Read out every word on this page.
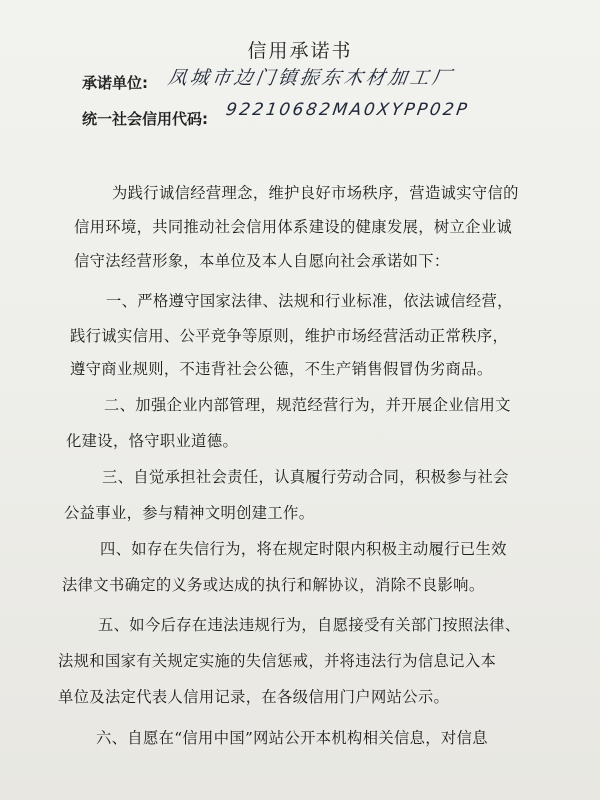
信用承诺书
承诺单位: 凤城市边门镇振东木材加工厂
统一社会信用代码: 92210682MA0XYPP02P
为践行诚信经营理念，维护良好市场秩序，营造诚实守信的
信用环境，共同推动社会信用体系建设的健康发展，树立企业诚
信守法经营形象，本单位及本人自愿向社会承诺如下：
一、严格遵守国家法律、法规和行业标准，依法诚信经营，
践行诚实信用、公平竞争等原则，维护市场经营活动正常秩序，
遵守商业规则，不违背社会公德，不生产销售假冒伪劣商品。
二、加强企业内部管理，规范经营行为，并开展企业信用文
化建设，恪守职业道德。
三、自觉承担社会责任，认真履行劳动合同，积极参与社会
公益事业，参与精神文明创建工作。
四、如存在失信行为，将在规定时限内积极主动履行已生效
法律文书确定的义务或达成的执行和解协议，消除不良影响。
五、如今后存在违法违规行为，自愿接受有关部门按照法律、
法规和国家有关规定实施的失信惩戒，并将违法行为信息记入本
单位及法定代表人信用记录，在各级信用门户网站公示。
六、自愿在“信用中国”网站公开本机构相关信息，对信息
